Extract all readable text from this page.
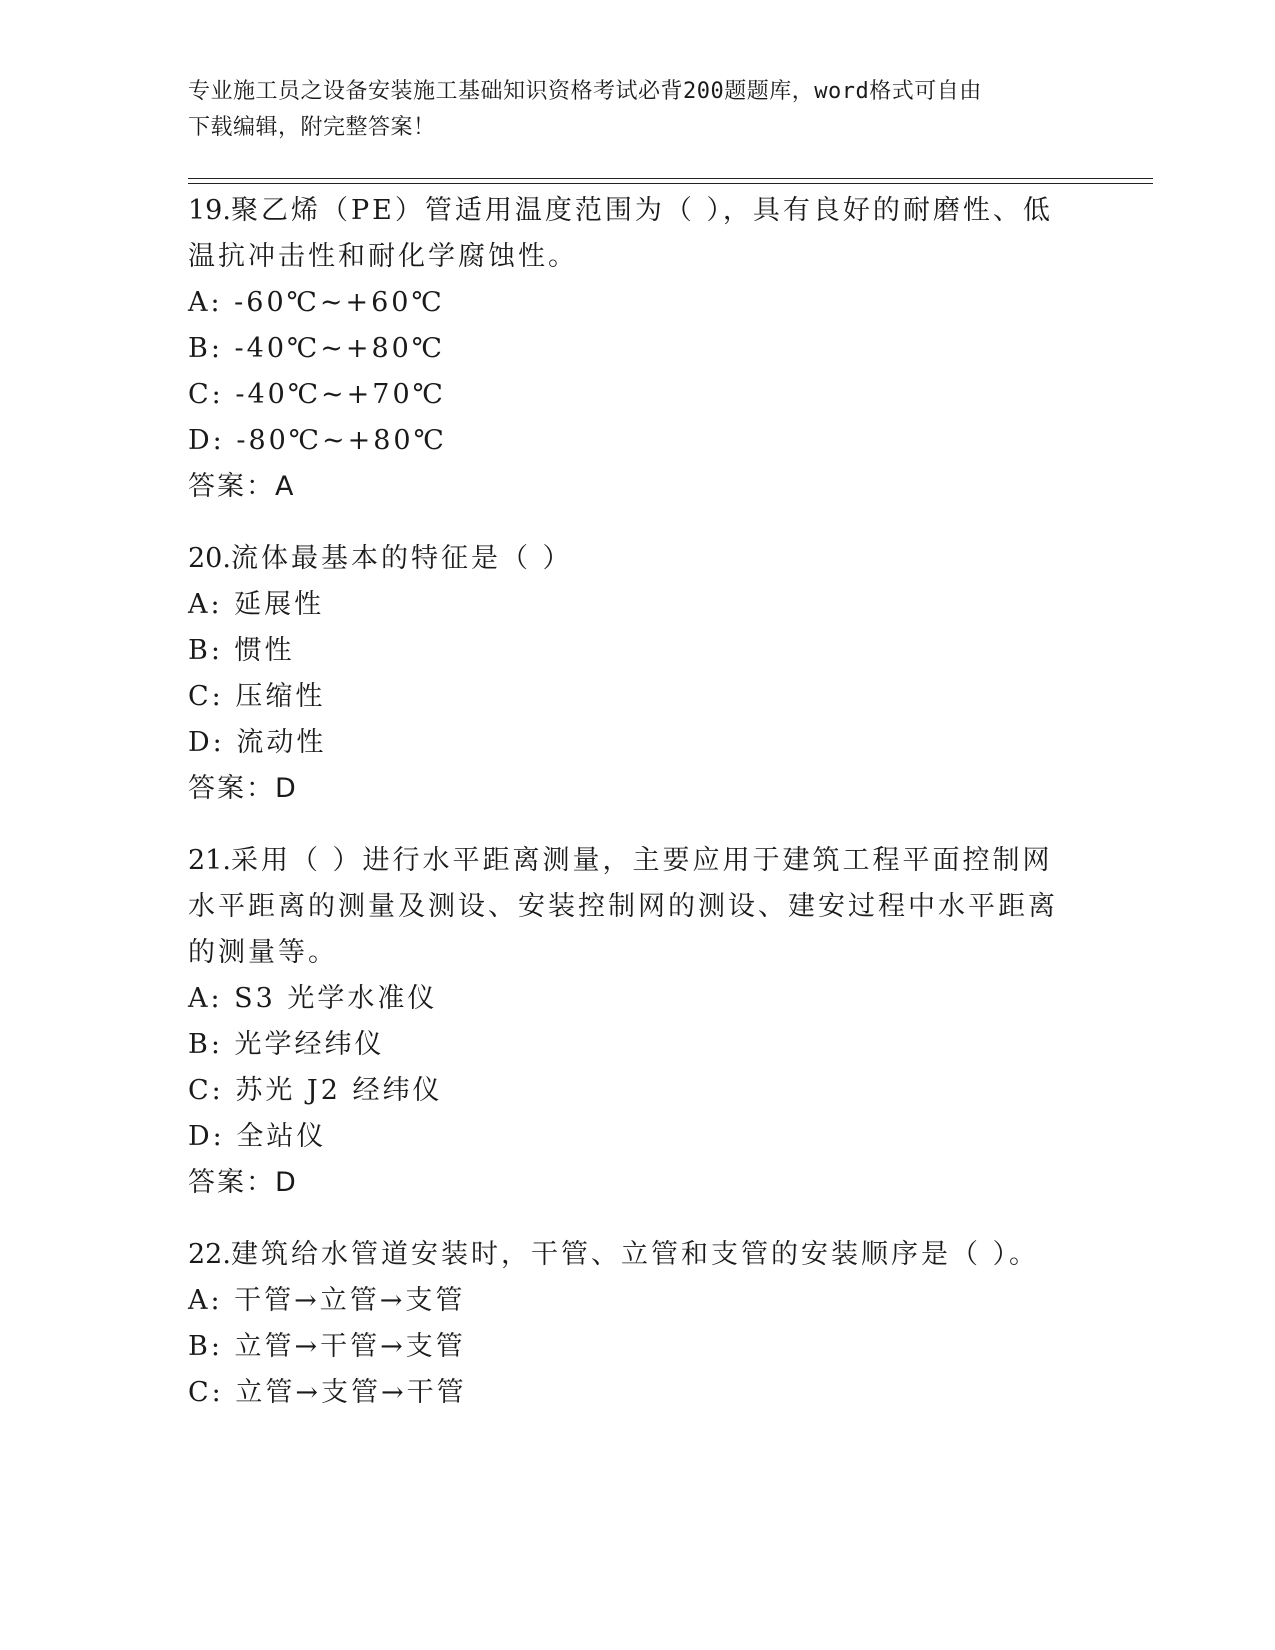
专业施工员之设备安装施工基础知识资格考试必背200题题库，word格式可自由
下载编辑，附完整答案！
19.聚乙烯（PE）管适用温度范围为（ ），具有良好的耐磨性、低温抗冲击性和耐化学腐蚀性。
A: -60℃~+60℃
B: -40℃~+80℃
C: -40℃~+70℃
D: -80℃~+80℃
答案：A
20.流体最基本的特征是（ ）
A: 延展性
B: 惯性
C: 压缩性
D: 流动性
答案：D
21.采用（ ）进行水平距离测量，主要应用于建筑工程平面控制网水平距离的测量及测设、安装控制网的测设、建安过程中水平距离的测量等。
A: S3 光学水准仪
B: 光学经纬仪
C: 苏光 J2 经纬仪
D: 全站仪
答案：D
22.建筑给水管道安装时，干管、立管和支管的安装顺序是（ ）。
A: 干管→立管→支管
B: 立管→干管→支管
C: 立管→支管→干管
